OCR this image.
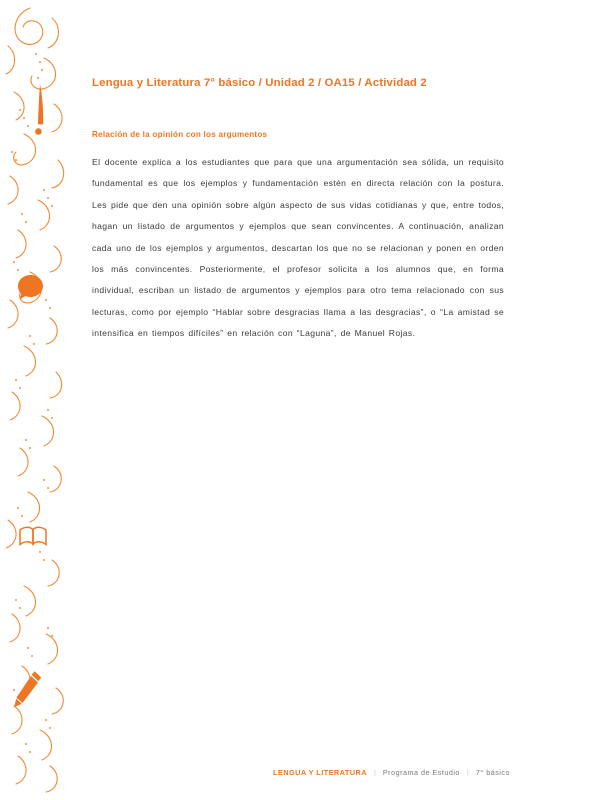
Lengua y Literatura 7° básico / Unidad 2 / OA15 / Actividad 2
Relación de la opinión con los argumentos
El docente explica a los estudiantes que para que una argumentación sea sólida, un requisito fundamental es que los ejemplos y fundamentación estén en directa relación con la postura. Les pide que den una opinión sobre algún aspecto de sus vidas cotidianas y que, entre todos, hagan un listado de argumentos y ejemplos que sean convincentes. A continuación, analizan cada uno de los ejemplos y argumentos, descartan los que no se relacionan y ponen en orden los más convincentes. Posteriormente, el profesor solicita a los alumnos que, en forma individual, escriban un listado de argumentos y ejemplos para otro tema relacionado con sus lecturas, como por ejemplo “Hablar sobre desgracias llama a las desgracias”, o “La amistad se intensifica en tiempos difíciles” en relación con “Laguna”, de Manuel Rojas.
LENGUA Y LITERATURA | Programa de Estudio | 7° básico
